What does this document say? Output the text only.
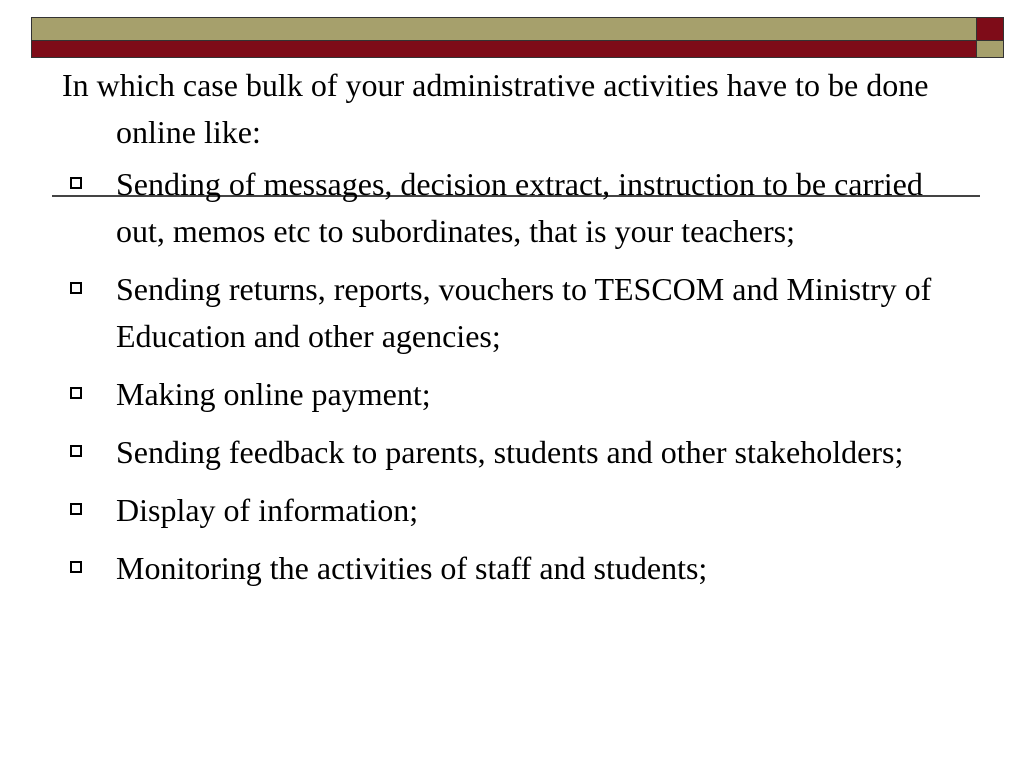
In which case bulk of your administrative activities have to be done online like:

Sending of messages, decision extract, instruction to be carried out, memos etc to subordinates, that is your teachers;
Sending returns, reports, vouchers to TESCOM and Ministry of Education and other agencies;
Making online payment;
Sending feedback to parents, students and other stakeholders;
Display of information;
Monitoring the activities of staff and students;
